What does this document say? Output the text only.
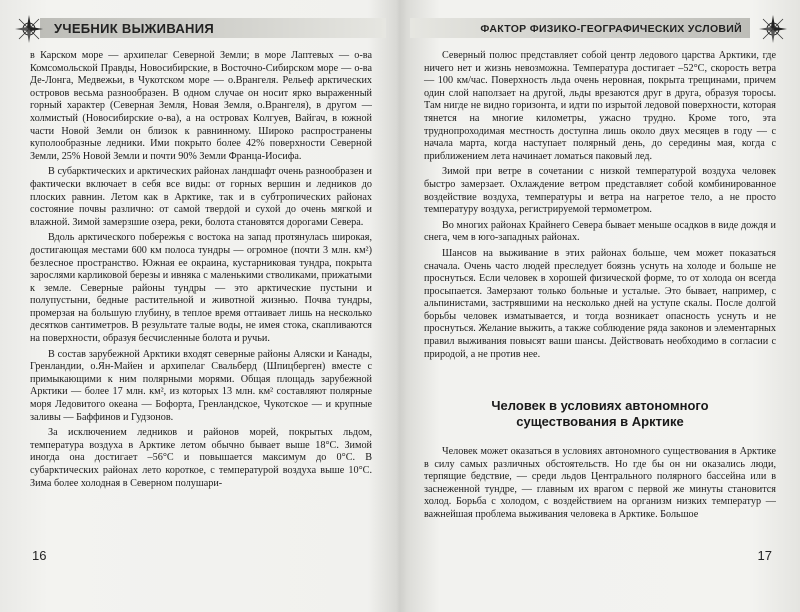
УЧЕБНИК ВЫЖИВАНИЯ

в Карском море — архипелаг Северной Земли; в море Лаптевых — о-ва Комсомольской Правды, Новосибирские, в Восточно-Сибирском море — о-ва Де-Лонга, Медвежьи, в Чукотском море — о.Врангеля. Рельеф арктических островов весьма разнообразен. В одном случае он носит ярко выраженный горный характер (Северная Земля, Новая Земля, о.Врангеля), в другом — холмистый (Новосибирские о-ва), а на островах Колгуев, Вайгач, в южной части Новой Земли он близок к равнинному. Широко распространены куполообразные ледники. Ими покрыто более 42% поверхности Северной Земли, 25% Новой Земли и почти 90% Земли Франца-Иосифа.

В субарктических и арктических районах ландшафт очень разнообразен и фактически включает в себя все виды: от горных вершин и ледников до плоских равнин. Летом как в Арктике, так и в субтропических районах состояние почвы различно: от самой твердой и сухой до очень мягкой и влажной. Зимой замерзшие озера, реки, болота становятся дорогами Севера.

Вдоль арктического побережья с востока на запад протянулась широкая, достигающая местами 600 км полоса тундры — огромное (почти 3 млн. км²) безлесное пространство. Южная ее окраина, кустарниковая тундра, покрыта зарослями карликовой березы и ивняка с маленькими стволиками, прижатыми к земле. Северные районы тундры — это арктические пустыни и полупустыни, бедные растительной и животной жизнью. Почва тундры, промерзая на большую глубину, в теплое время оттаивает лишь на несколько десятков сантиметров. В результате талые воды, не имея стока, скапливаются на поверхности, образуя бесчисленные болота и ручьи.

В состав зарубежной Арктики входят северные районы Аляски и Канады, Гренландии, о.Ян-Майен и архипелаг Свальберд (Шпицберген) вместе с примыкающими к ним полярными морями. Общая площадь зарубежной Арктики — более 17 млн. км², из которых 13 млн. км² составляют полярные моря Ледовитого океана — Бофорта, Гренландское, Чукотское — и крупные заливы — Баффинов и Гудзонов.

За исключением ледников и районов морей, покрытых льдом, температура воздуха в Арктике летом обычно бывает выше 18°С. Зимой иногда она достигает –56°С и повышается максимум до 0°С. В субарктических районах лето короткое, с температурой воздуха выше 10°С. Зима более холодная в Северном полушари-

16
ФАКТОР ФИЗИКО-ГЕОГРАФИЧЕСКИХ УСЛОВИЙ

Северный полюс представляет собой центр ледового царства Арктики, где ничего нет и жизнь невозможна. Температура достигает –52°С, скорость ветра — 100 км/час. Поверхность льда очень неровная, покрыта трещинами, причем один слой наползает на другой, льды врезаются друг в друга, образуя торосы. Там нигде не видно горизонта, и идти по изрытой ледовой поверхности, которая тянется на многие километры, ужасно трудно. Кроме того, эта труднопроходимая местность доступна лишь около двух месяцев в году — с начала марта, когда наступает полярный день, до середины мая, когда с приближением лета начинает ломаться паковый лед.

Зимой при ветре в сочетании с низкой температурой воздуха человек быстро замерзает. Охлаждение ветром представляет собой комбинированное воздействие воздуха, температуры и ветра на нагретое тело, а не просто температуру воздуха, регистрируемой термометром.

Во многих районах Крайнего Севера бывает меньше осадков в виде дождя и снега, чем в юго-западных районах.

Шансов на выживание в этих районах больше, чем может показаться сначала. Очень часто людей преследует боязнь уснуть на холоде и больше не проснуться. Если человек в хорошей физической форме, то от холода он всегда просыпается. Замерзают только больные и усталые. Это бывает, например, с альпинистами, застрявшими на несколько дней на уступе скалы. После долгой борьбы человек изматывается, и тогда возникает опасность уснуть и не проснуться. Желание выжить, а также соблюдение ряда законов и элементарных правил выживания повысят ваши шансы. Действовать необходимо в согласии с природой, а не против нее.

Человек в условиях автономного
существования в Арктике

Человек может оказаться в условиях автономного существования в Арктике в силу самых различных обстоятельств. Но где бы он ни оказались люди, терпящие бедствие, — среди льдов Центрального полярного бассейна или в заснеженной тундре, — главным их врагом с первой же минуты становится холод. Борьба с холодом, с воздействием на организм низких температур — важнейшая проблема выживания человека в Арктике. Большое

17
